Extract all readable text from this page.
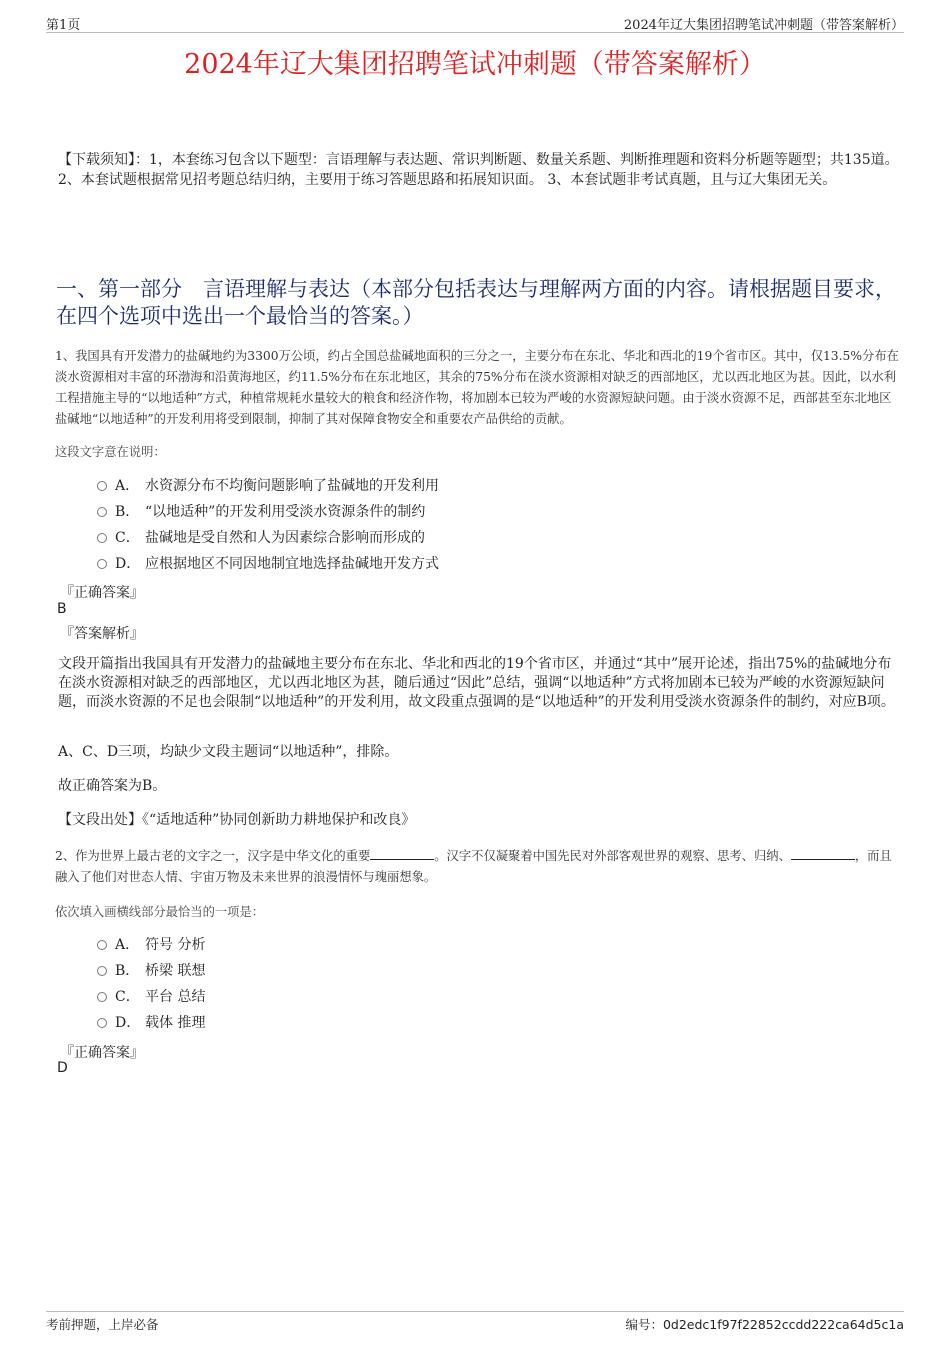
第1页	2024年辽大集团招聘笔试冲刺题（带答案解析）
2024年辽大集团招聘笔试冲刺题（带答案解析）
【下载须知】：1，本套练习包含以下题型：言语理解与表达题、常识判断题、数量关系题、判断推理题和资料分析题等题型；共135道。 2、本套试题根据常见招考题总结归纳，主要用于练习答题思路和拓展知识面。 3、本套试题非考试真题，且与辽大集团无关。
一、第一部分　言语理解与表达（本部分包括表达与理解两方面的内容。请根据题目要求，在四个选项中选出一个最恰当的答案。）
1、我国具有开发潜力的盐碱地约为3300万公顷，约占全国总盐碱地面积的三分之一，主要分布在东北、华北和西北的19个省市区。其中，仅13.5%分布在淡水资源相对丰富的环渤海和沿黄海地区，约11.5%分布在东北地区，其余的75%分布在淡水资源相对缺乏的西部地区，尤以西北地区为甚。因此，以水利工程措施主导的“以地适种”方式，种植常规耗水量较大的粮食和经济作物，将加剧本已较为严峻的水资源短缺问题。由于淡水资源不足，西部甚至东北地区盐碱地“以地适种”的开发利用将受到限制，抑制了其对保障食物安全和重要农产品供给的贡献。
这段文字意在说明：
A． 水资源分布不均衡问题影响了盐碱地的开发利用
B． “以地适种”的开发利用受淡水资源条件的制约
C． 盐碱地是受自然和人为因素综合影响而形成的
D． 应根据地区不同因地制宜地选择盐碱地开发方式
『正确答案』
B
『答案解析』
文段开篇指出我国具有开发潜力的盐碱地主要分布在东北、华北和西北的19个省市区，并通过“其中”展开论述，指出75%的盐碱地分布在淡水资源相对缺乏的西部地区，尤以西北地区为甚，随后通过“因此”总结，强调“以地适种”方式将加剧本已较为严峻的水资源短缺问题，而淡水资源的不足也会限制“以地适种”的开发利用，故文段重点强调的是“以地适种”的开发利用受淡水资源条件的制约，对应B项。
A、C、D三项，均缺少文段主题词“以地适种”，排除。
故正确答案为B。
【文段出处】《“适地适种”协同创新助力耕地保护和改良》
2、作为世界上最古老的文字之一，汉字是中华文化的重要	。汉字不仅凝聚着中国先民对外部客观世界的观察、思考、归纳、	，而且融入了他们对世态人情、宇宙万物及未来世界的浪漫情怀与瑰丽想象。
依次填入画横线部分最恰当的一项是：
A． 符号 分析
B． 桥梁 联想
C． 平台 总结
D． 载体 推理
『正确答案』
D
考前押题，上岸必备	编号：0d2edc1f97f22852ccdd222ca64d5c1a
